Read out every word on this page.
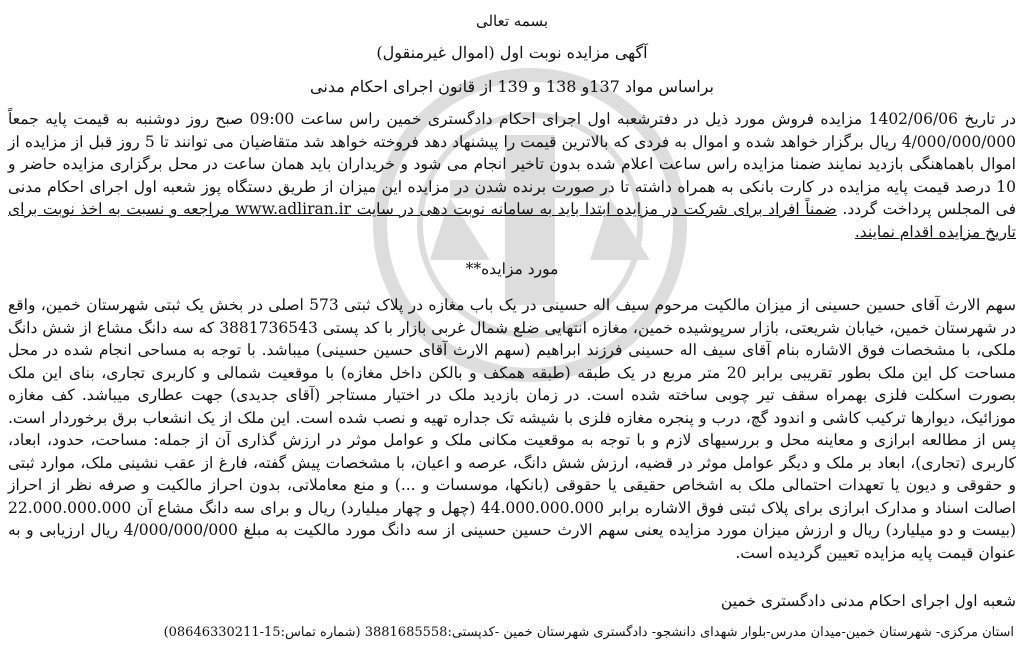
بسمه تعالی
آگهی مزایده نوبت اول (اموال غیرمنقول)
براساس مواد 137و 138 و 139 از قانون اجرای احکام مدنی
در تاریخ 1402/06/06 مزایده فروش مورد ذیل در دفترشعبه اول اجرای احکام دادگستری خمین راس ساعت 09:00 صبح روز دوشنبه به قیمت پایه جمعاً 4/000/000/000 ریال برگزار خواهد شده و اموال به فردی که بالاترین قیمت را پیشنهاد دهد فروخته خواهد شد متقاضیان می توانند تا 5 روز قبل از مزایده از اموال باهماهنگی بازدید نمایند ضمنا مزایده راس ساعت اعلام شده بدون تاخیر انجام می شود و خریداران باید همان ساعت در محل برگزاری مزایده حاضر و 10 درصد قیمت پایه مزایده در کارت بانکی به همراه داشته تا در صورت برنده شدن در مزایده این میزان از طریق دستگاه پوز شعبه اول اجرای احکام مدنی فی المجلس پرداخت گردد. ضمناً افراد برای شرکت در مزایده ابتدا باید به سامانه نوبت دهی در سایت www.adliran.ir مراجعه و نسبت به اخذ نوبت برای تاریخ مزایده اقدام نمایند.
مورد مزایده**
سهم الارث آقای حسین حسینی از میزان مالکیت مرحوم سیف اله حسینی در یک باب مغازه در پلاک ثبتی 573 اصلی در بخش یک ثبتی شهرستان خمین، واقع در شهرستان خمین، خیابان شریعتی، بازار سرپوشیده خمین، مغازه انتهایی ضلع شمال غربی بازار با کد پستی 3881736543 که سه دانگ مشاع از شش دانگ ملکی، با مشخصات فوق الاشاره بنام آقای سیف اله حسینی فرزند ابراهیم (سهم الارث آقای حسین حسینی) میباشد. با توجه به مساحی انجام شده در محل مساحت کل این ملک بطور تقریبی برابر 20 متر مربع در یک طبقه (طبقه همکف و بالکن داخل مغازه) با موقعیت شمالی و کاربری تجاری، بنای این ملک بصورت اسکلت فلزی بهمراه سقف تیر چوبی ساخته شده است. در زمان بازدید ملک در اختیار مستاجر (آقای جدیدی) جهت عطاری میباشد. کف مغازه موزائیک، دیوارها ترکیب کاشی و اندود گچ، درب و پنجره مغازه فلزی با شیشه تک جداره تهیه و نصب شده است. این ملک از یک انشعاب برق برخوردار است. پس از مطالعه ابرازی و معاینه محل و بررسیهای لازم و با توجه به موقعیت مکانی ملک و عوامل موثر در ارزش گذاری آن از جمله: مساحت، حدود، ابعاد، کاربری (تجاری)، ابعاد بر ملک و دیگر عوامل موثر در قضیه، ارزش شش دانگ، عرصه و اعیان، با مشخصات پیش گفته، فارغ از عقب نشینی ملک، موارد ثبتی و حقوقی و دیون یا تعهدات احتمالی ملک به اشخاص حقیقی یا حقوقی (بانکها، موسسات و ...) و منع معاملاتی، بدون احراز مالکیت و صرفه نظر از احراز اصالت اسناد و مدارک ابرازی برای پلاک ثبتی فوق الاشاره برابر 44.000.000.000 (چهل و چهار میلیارد) ریال و برای سه دانگ مشاع آن 22.000.000.000 (بیست و دو میلیارد) ریال و ارزش میزان مورد مزایده یعنی سهم الارث حسین حسینی از سه دانگ مورد مالکیت به مبلغ 4/000/000/000 ریال ارزیابی و به عنوان قیمت پایه مزایده تعیین گردیده است.
شعبه اول اجرای احکام مدنی دادگستری خمین
استان مرکزی- شهرستان خمین-میدان مدرس-بلوار شهدای دانشجو- دادگستری شهرستان خمین -کدپستی:3881685558 (شماره تماس:15-08646330211)
